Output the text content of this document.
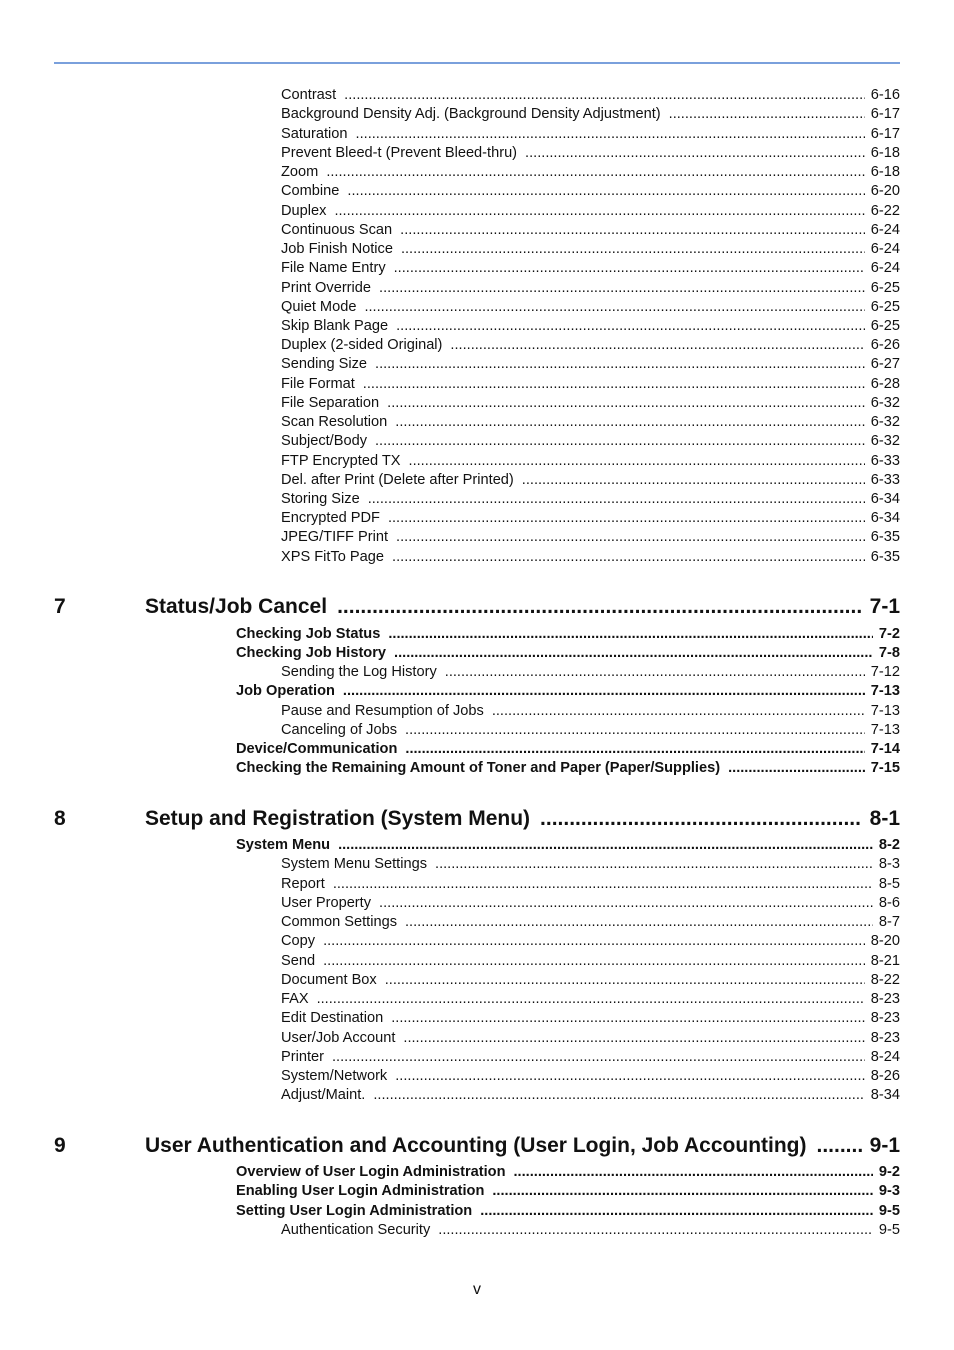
Contrast .....	6-16
Background Density Adj. (Background Density Adjustment) .....	6-17
Saturation .....	6-17
Prevent Bleed-t (Prevent Bleed-thru) .....	6-18
Zoom .....	6-18
Combine .....	6-20
Duplex .....	6-22
Continuous Scan .....	6-24
Job Finish Notice .....	6-24
File Name Entry .....	6-24
Print Override .....	6-25
Quiet Mode .....	6-25
Skip Blank Page .....	6-25
Duplex (2-sided Original) .....	6-26
Sending Size .....	6-27
File Format .....	6-28
File Separation .....	6-32
Scan Resolution .....	6-32
Subject/Body .....	6-32
FTP Encrypted TX .....	6-33
Del. after Print (Delete after Printed) .....	6-33
Storing Size .....	6-34
Encrypted PDF .....	6-34
JPEG/TIFF Print .....	6-35
XPS FitTo Page .....	6-35
7	Status/Job Cancel .....	7-1
Checking Job Status .....	7-2
Checking Job History .....	7-8
Sending the Log History .....	7-12
Job Operation .....	7-13
Pause and Resumption of Jobs .....	7-13
Canceling of Jobs .....	7-13
Device/Communication .....	7-14
Checking the Remaining Amount of Toner and Paper (Paper/Supplies) .....	7-15
8	Setup and Registration (System Menu) .....	8-1
System Menu .....	8-2
System Menu Settings .....	8-3
Report .....	8-5
User Property .....	8-6
Common Settings .....	8-7
Copy .....	8-20
Send .....	8-21
Document Box .....	8-22
FAX .....	8-23
Edit Destination .....	8-23
User/Job Account .....	8-23
Printer .....	8-24
System/Network .....	8-26
Adjust/Maint. .....	8-34
9	User Authentication and Accounting (User Login, Job Accounting) .....	9-1
Overview of User Login Administration .....	9-2
Enabling User Login Administration .....	9-3
Setting User Login Administration .....	9-5
Authentication Security .....	9-5
v
